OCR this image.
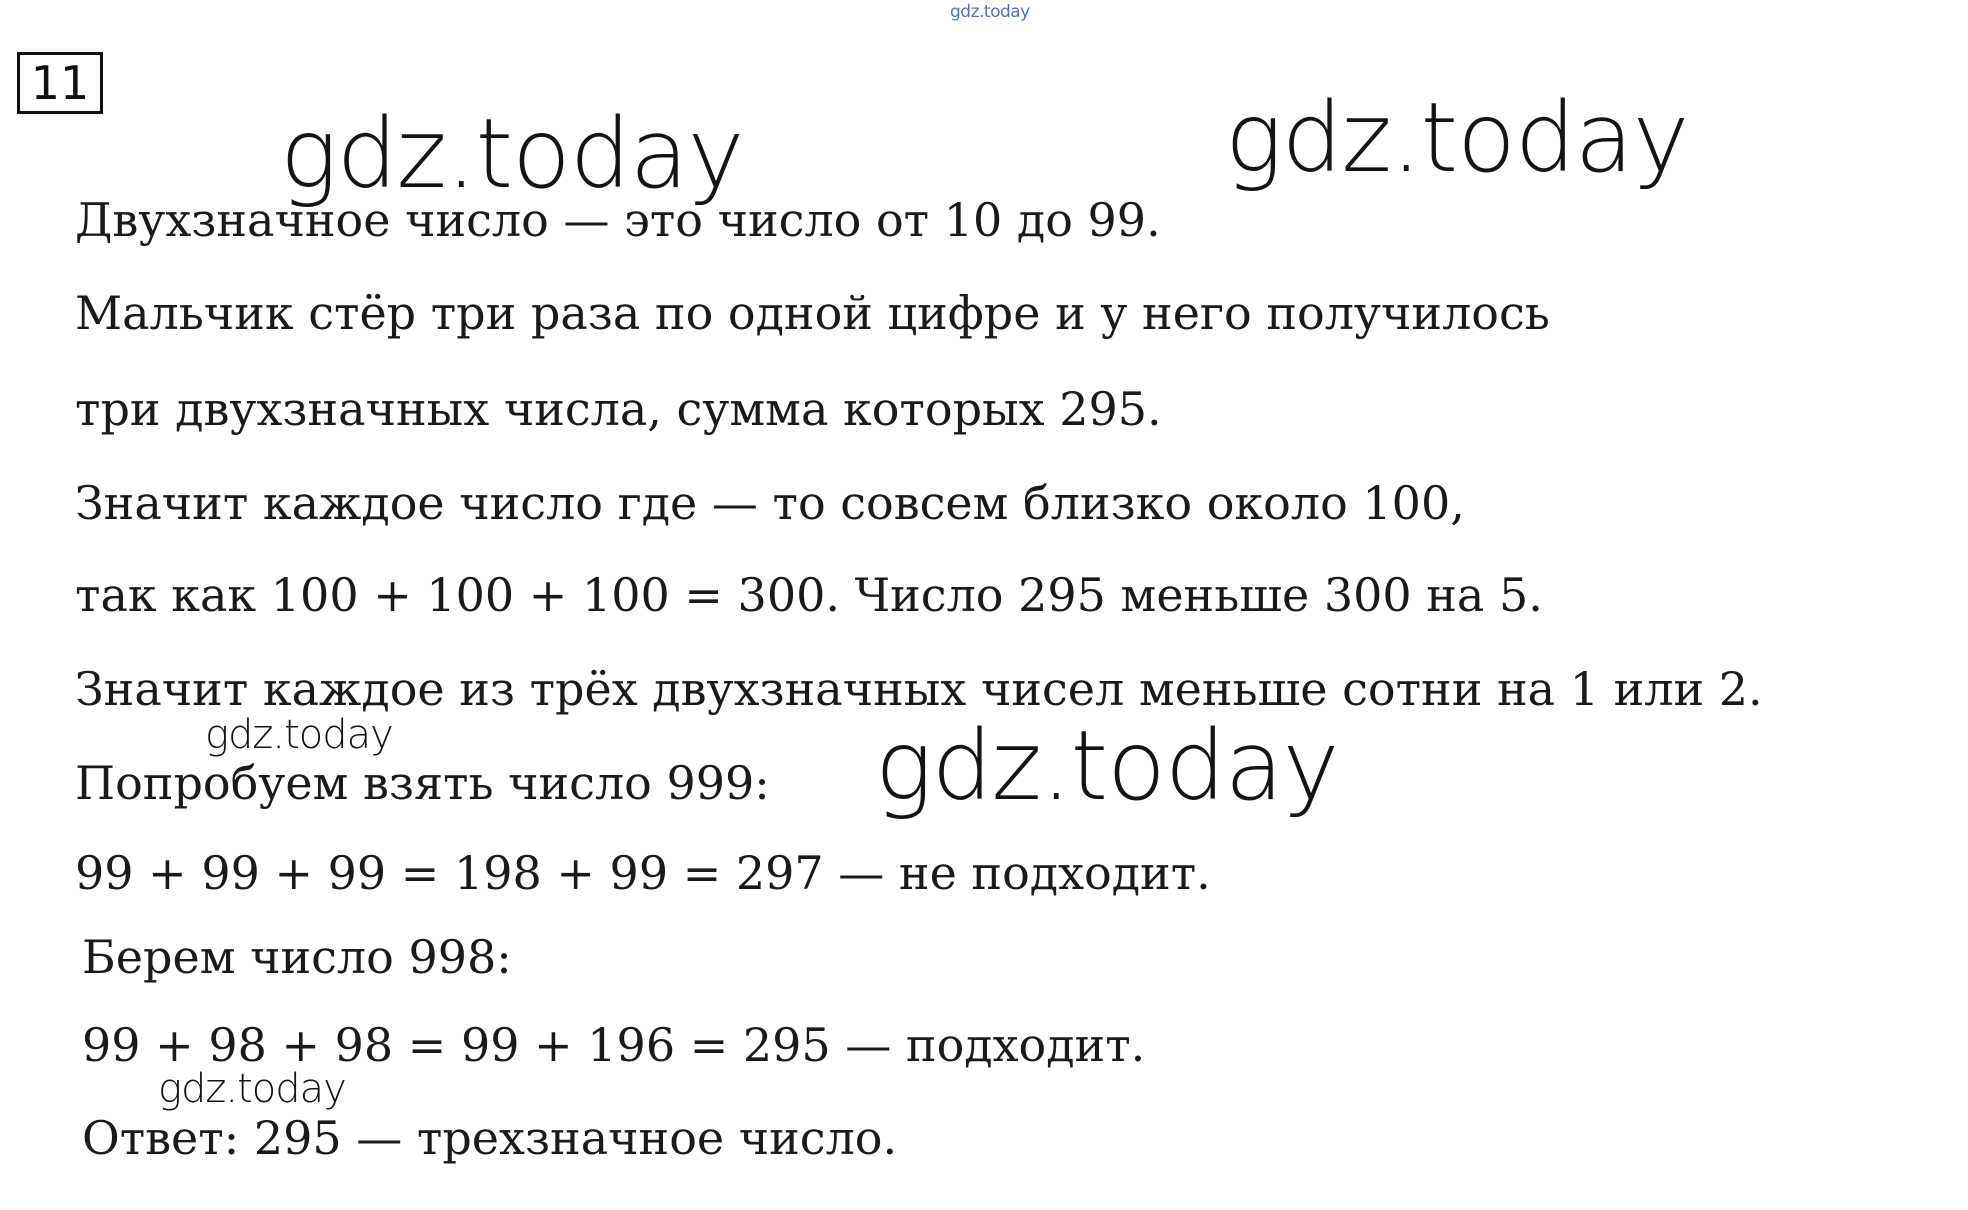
gdz.today
11
gdz.today	gdz.today
Двухзначное число — это число от 10 до 99.
Мальчик стёр три раза по одной цифре и у него получилось
три двухзначных числа, сумма которых 295.
Значит каждое число где — то совсем близко около 100,
так как 100 + 100 + 100 = 300. Число 295 меньше 300 на 5.
Значит каждое из трёх двухзначных чисел меньше сотни на 1 или 2.
gdz.today	gdz.today
Попробуем взять число 999:
99 + 99 + 99 = 198 + 99 = 297 — не подходит.
Берем число 998:
99 + 98 + 98 = 99 + 196 = 295 — подходит.
gdz.today
Ответ: 295 — трехзначное число.
